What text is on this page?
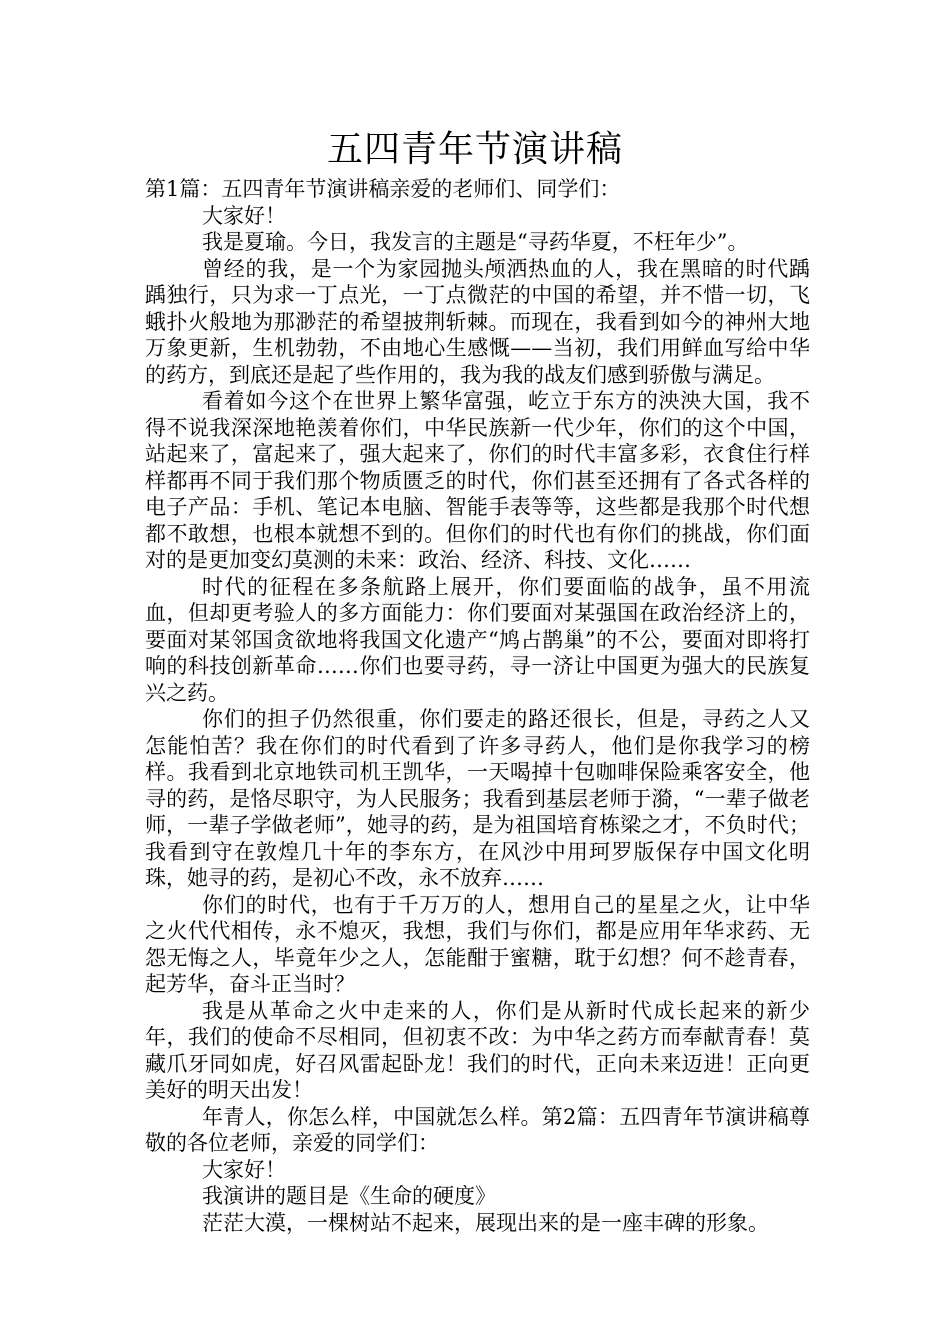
五四青年节演讲稿

第1篇：五四青年节演讲稿亲爱的老师们、同学们：

大家好！

我是夏瑜。今日，我发言的主题是“寻药华夏，不枉年少”。

曾经的我，是一个为家园抛头颅洒热血的人，我在黑暗的时代踽踽独行，只为求一丁点光，一丁点微茫的中国的希望，并不惜一切，飞蛾扑火般地为那渺茫的希望披荆斩棘。而现在，我看到如今的神州大地万象更新，生机勃勃，不由地心生感慨——当初，我们用鲜血写给中华的药方，到底还是起了些作用的，我为我的战友们感到骄傲与满足。

看着如今这个在世界上繁华富强，屹立于东方的泱泱大国，我不得不说我深深地艳羡着你们，中华民族新一代少年，你们的这个中国，站起来了，富起来了，强大起来了，你们的时代丰富多彩，衣食住行样样都再不同于我们那个物质匮乏的时代，你们甚至还拥有了各式各样的电子产品：手机、笔记本电脑、智能手表等等，这些都是我那个时代想都不敢想，也根本就想不到的。但你们的时代也有你们的挑战，你们面对的是更加变幻莫测的未来：政治、经济、科技、文化……

时代的征程在多条航路上展开，你们要面临的战争，虽不用流血，但却更考验人的多方面能力：你们要面对某强国在政治经济上的，要面对某邻国贪欲地将我国文化遗产“鸠占鹊巢”的不公，要面对即将打响的科技创新革命……你们也要寻药，寻一济让中国更为强大的民族复兴之药。

你们的担子仍然很重，你们要走的路还很长，但是，寻药之人又怎能怕苦？我在你们的时代看到了许多寻药人，他们是你我学习的榜样。我看到北京地铁司机王凯华，一天喝掉十包咖啡保险乘客安全，他寻的药，是恪尽职守，为人民服务；我看到基层老师于漪，“一辈子做老师，一辈子学做老师”，她寻的药，是为祖国培育栋梁之才，不负时代；我看到守在敦煌几十年的李东方，在风沙中用珂罗版保存中国文化明珠，她寻的药，是初心不改，永不放弃……

你们的时代，也有于千万万的人，想用自己的星星之火，让中华之火代代相传，永不熄灭，我想，我们与你们，都是应用年华求药、无怨无悔之人，毕竟年少之人，怎能酣于蜜糖，耽于幻想？何不趁青春，起芳华，奋斗正当时？

我是从革命之火中走来的人，你们是从新时代成长起来的新少年，我们的使命不尽相同，但初衷不改：为中华之药方而奉献青春！莫藏爪牙同如虎，好召风雷起卧龙！我们的时代，正向未来迈进！正向更美好的明天出发！

年青人，你怎么样，中国就怎么样。第2篇：五四青年节演讲稿尊敬的各位老师，亲爱的同学们：

大家好！

我演讲的题目是《生命的硬度》

茫茫大漠，一棵树站不起来，展现出来的是一座丰碑的形象。
